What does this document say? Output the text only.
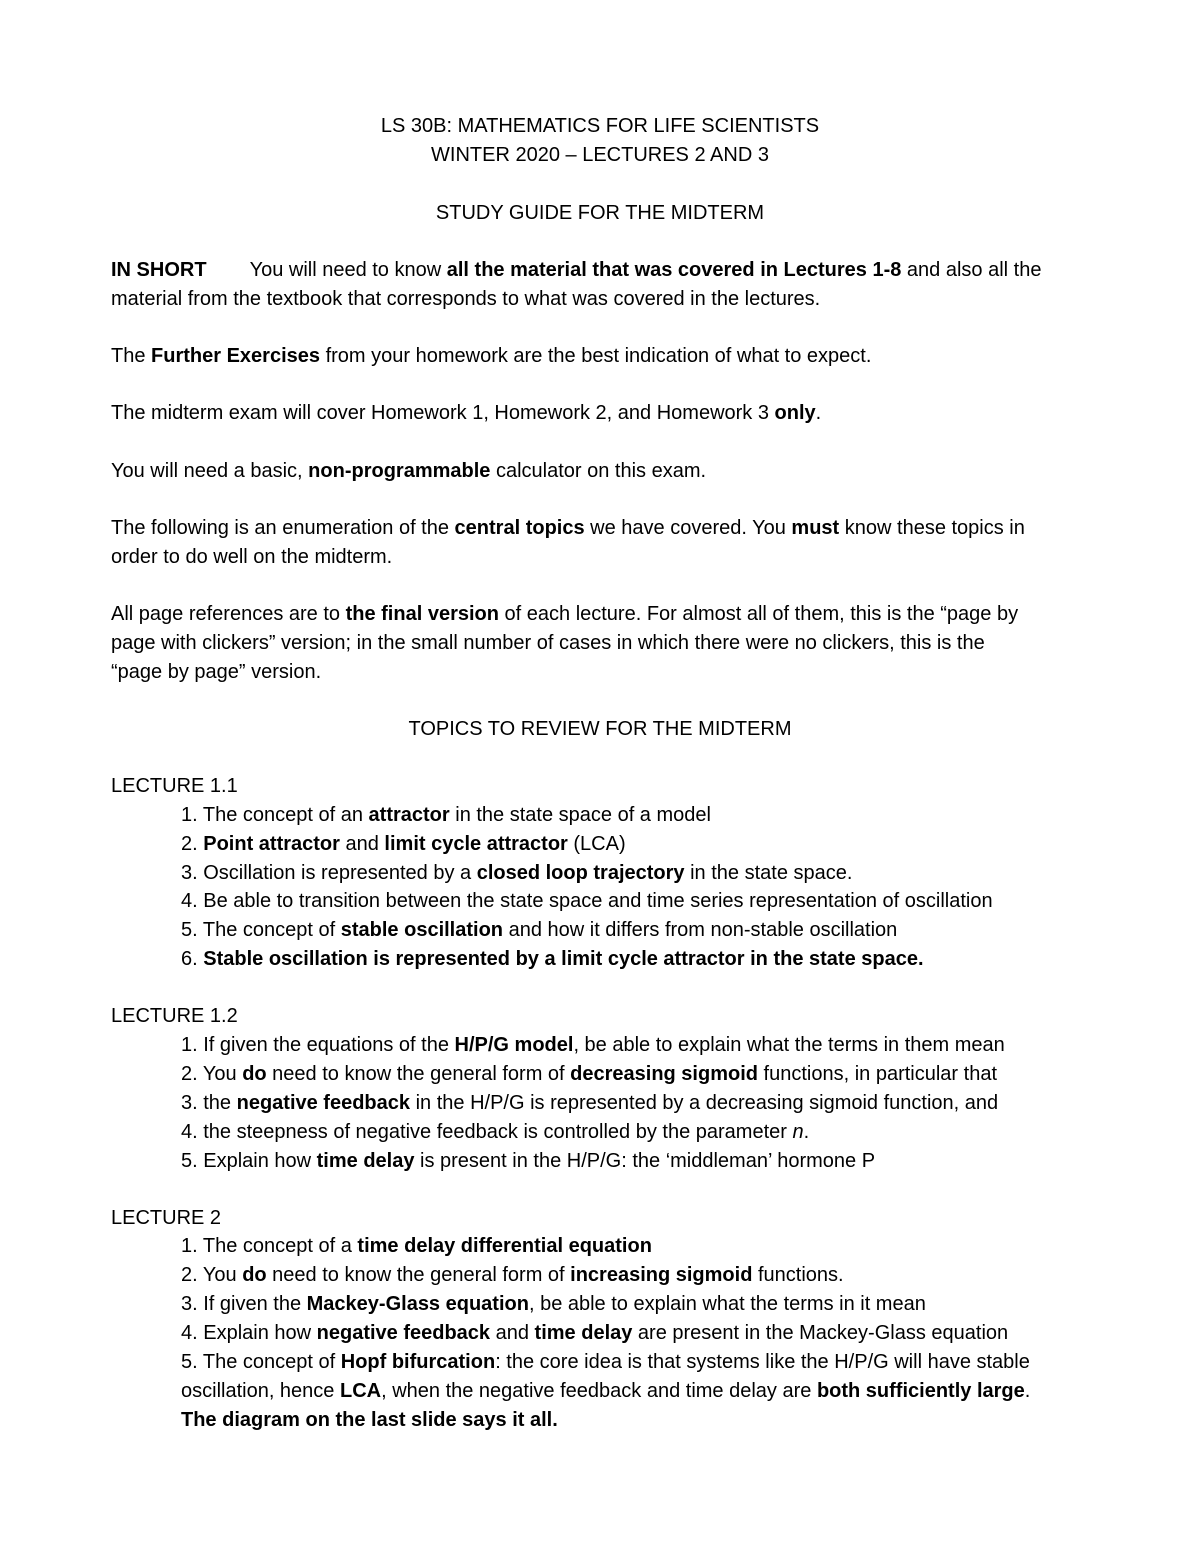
LS 30B: MATHEMATICS FOR LIFE SCIENTISTS
WINTER 2020 – LECTURES 2 AND 3
STUDY GUIDE FOR THE MIDTERM
IN SHORT You will need to know all the material that was covered in Lectures 1-8 and also all the
material from the textbook that corresponds to what was covered in the lectures.
The Further Exercises from your homework are the best indication of what to expect.
The midterm exam will cover Homework 1, Homework 2, and Homework 3 only.
You will need a basic, non-programmable calculator on this exam.
The following is an enumeration of the central topics we have covered. You must know these topics in
order to do well on the midterm.
All page references are to the final version of each lecture. For almost all of them, this is the “page by
page with clickers” version; in the small number of cases in which there were no clickers, this is the
“page by page” version.
TOPICS TO REVIEW FOR THE MIDTERM
LECTURE 1.1
1. The concept of an attractor in the state space of a model
2. Point attractor and limit cycle attractor (LCA)
3. Oscillation is represented by a closed loop trajectory in the state space.
4. Be able to transition between the state space and time series representation of oscillation
5. The concept of stable oscillation and how it differs from non-stable oscillation
6. Stable oscillation is represented by a limit cycle attractor in the state space.
LECTURE 1.2
1. If given the equations of the H/P/G model, be able to explain what the terms in them mean
2. You do need to know the general form of decreasing sigmoid functions, in particular that
3. the negative feedback in the H/P/G is represented by a decreasing sigmoid function, and
4. the steepness of negative feedback is controlled by the parameter n.
5. Explain how time delay is present in the H/P/G: the ‘middleman’ hormone P
LECTURE 2
1. The concept of a time delay differential equation
2. You do need to know the general form of increasing sigmoid functions.
3. If given the Mackey-Glass equation, be able to explain what the terms in it mean
4. Explain how negative feedback and time delay are present in the Mackey-Glass equation
5. The concept of Hopf bifurcation: the core idea is that systems like the H/P/G will have stable
oscillation, hence LCA, when the negative feedback and time delay are both sufficiently large.
The diagram on the last slide says it all.
